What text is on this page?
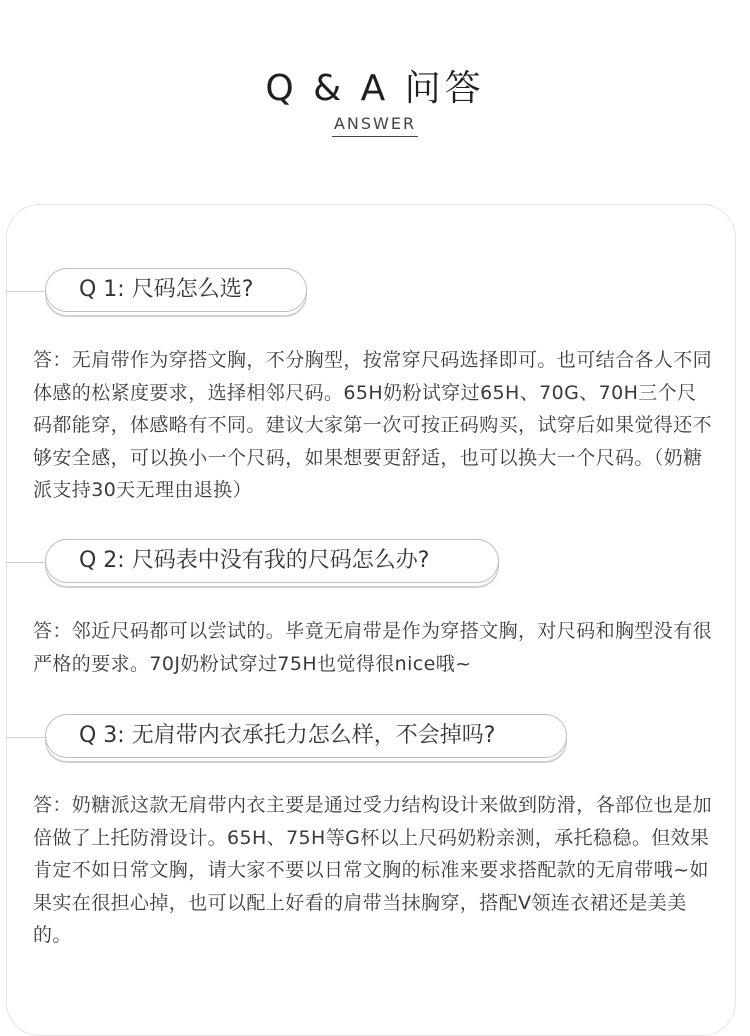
Q & A 问答
ANSWER
Q 1: 尺码怎么选?
答：无肩带作为穿搭文胸，不分胸型，按常穿尺码选择即可。也可结合各人不同体感的松紧度要求，选择相邻尺码。65H奶粉试穿过65H、70G、70H三个尺码都能穿，体感略有不同。建议大家第一次可按正码购买，试穿后如果觉得还不够安全感，可以换小一个尺码，如果想要更舒适，也可以换大一个尺码。（奶糖派支持30天无理由退换）
Q 2: 尺码表中没有我的尺码怎么办?
答：邻近尺码都可以尝试的。毕竟无肩带是作为穿搭文胸，对尺码和胸型没有很严格的要求。70J奶粉试穿过75H也觉得很nice哦~
Q 3: 无肩带内衣承托力怎么样，不会掉吗?
答：奶糖派这款无肩带内衣主要是通过受力结构设计来做到防滑，各部位也是加倍做了上托防滑设计。65H、75H等G杯以上尺码奶粉亲测，承托稳稳。但效果肯定不如日常文胸，请大家不要以日常文胸的标准来要求搭配款的无肩带哦~如果实在很担心掉，也可以配上好看的肩带当抹胸穿，搭配V领连衣裙还是美美的。
